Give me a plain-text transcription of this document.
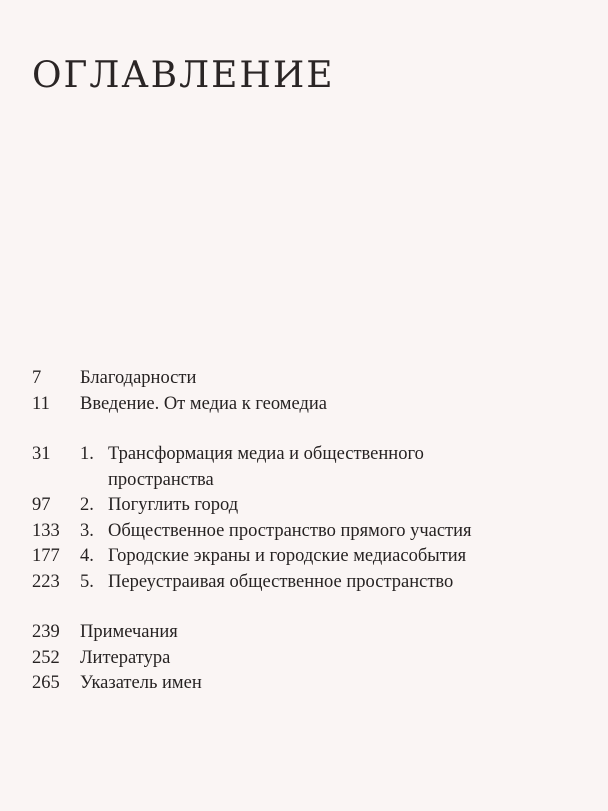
ОГЛАВЛЕНИЕ
7	Благодарности
11	Введение. От медиа к геомедиа
31	1. Трансформация медиа и общественного пространства
97	2. Погуглить город
133	3. Общественное пространство прямого участия
177	4. Городские экраны и городские медиасобытия
223	5. Переустраивая общественное пространство
239	Примечания
252	Литература
265	Указатель имен
